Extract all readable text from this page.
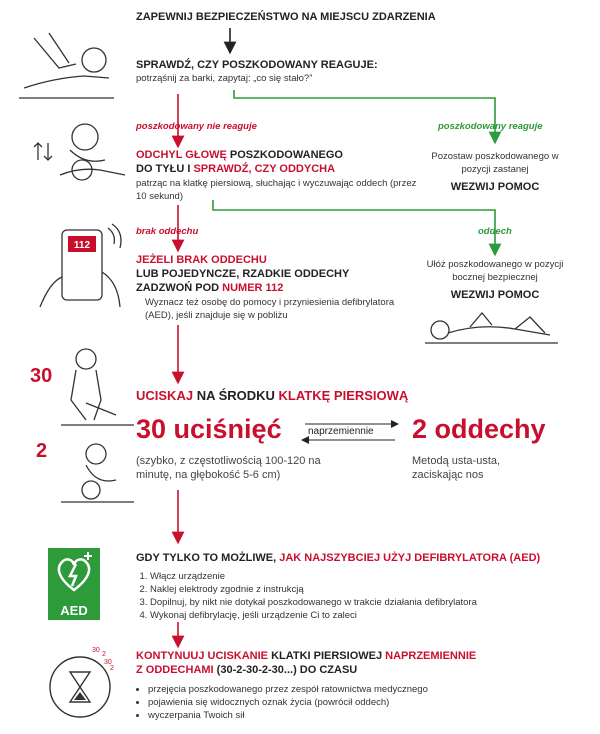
ZAPEWNIJ BEZPIECZEŃSTWO NA MIEJSCU ZDARZENIA
SPRAWDŹ, CZY POSZKODOWANY REAGUJE:
potrząśnij za barki, zapytaj: „co się stało?”
poszkodowany nie reaguje	poszkodowany reaguje
ODCHYL GŁOWĘ POSZKODOWANEGO
DO TYŁU I SPRAWDŹ, CZY ODDYCHA
patrząc na klatkę piersiową, słuchając i wyczuwając oddech (przez 10 sekund)
Pozostaw poszkodowanego w pozycji zastanej
WEZWIJ POMOC
brak oddechu	oddech
112
JEŻELI BRAK ODDECHU
LUB POJEDYNCZE, RZADKIE ODDECHY
ZADZWOŃ POD NUMER 112
Wyznacz też osobę do pomocy i przyniesienia defibrylatora (AED), jeśli znajduje się w pobliżu
Ułóż poszkodowanego w pozycji bocznej bezpiecznej
WEZWIJ POMOC
30
2
UCISKAJ NA ŚRODKU KLATKĘ PIERSIOWĄ
30 uciśnięć	naprzemiennie 2 oddechy
(szybko, z częstotliwością 100-120 na minutę, na głębokość 5-6 cm)
Metodą usta-usta, zaciskając nos
AED
GDY TYLKO TO MOŻLIWE, JAK NAJSZYBCIEJ UŻYJ DEFIBRYLATORA (AED)
1. Włącz urządzenie
2. Naklej elektrody zgodnie z instrukcją
3. Dopilnuj, by nikt nie dotykał poszkodowanego w trakcie działania defibrylatora
4. Wykonaj defibrylację, jeśli urządzenie Ci to zaleci
30
2
30
2
KONTYNUUJ UCISKANIE KLATKI PIERSIOWEJ NAPRZEMIENNIE
Z ODDECHAMI (30-2-30-2-30...) DO CZASU
• przejęcia poszkodowanego przez zespół ratownictwa medycznego
• pojawienia się widocznych oznak życia (powrócił oddech)
• wyczerpania Twoich sił
